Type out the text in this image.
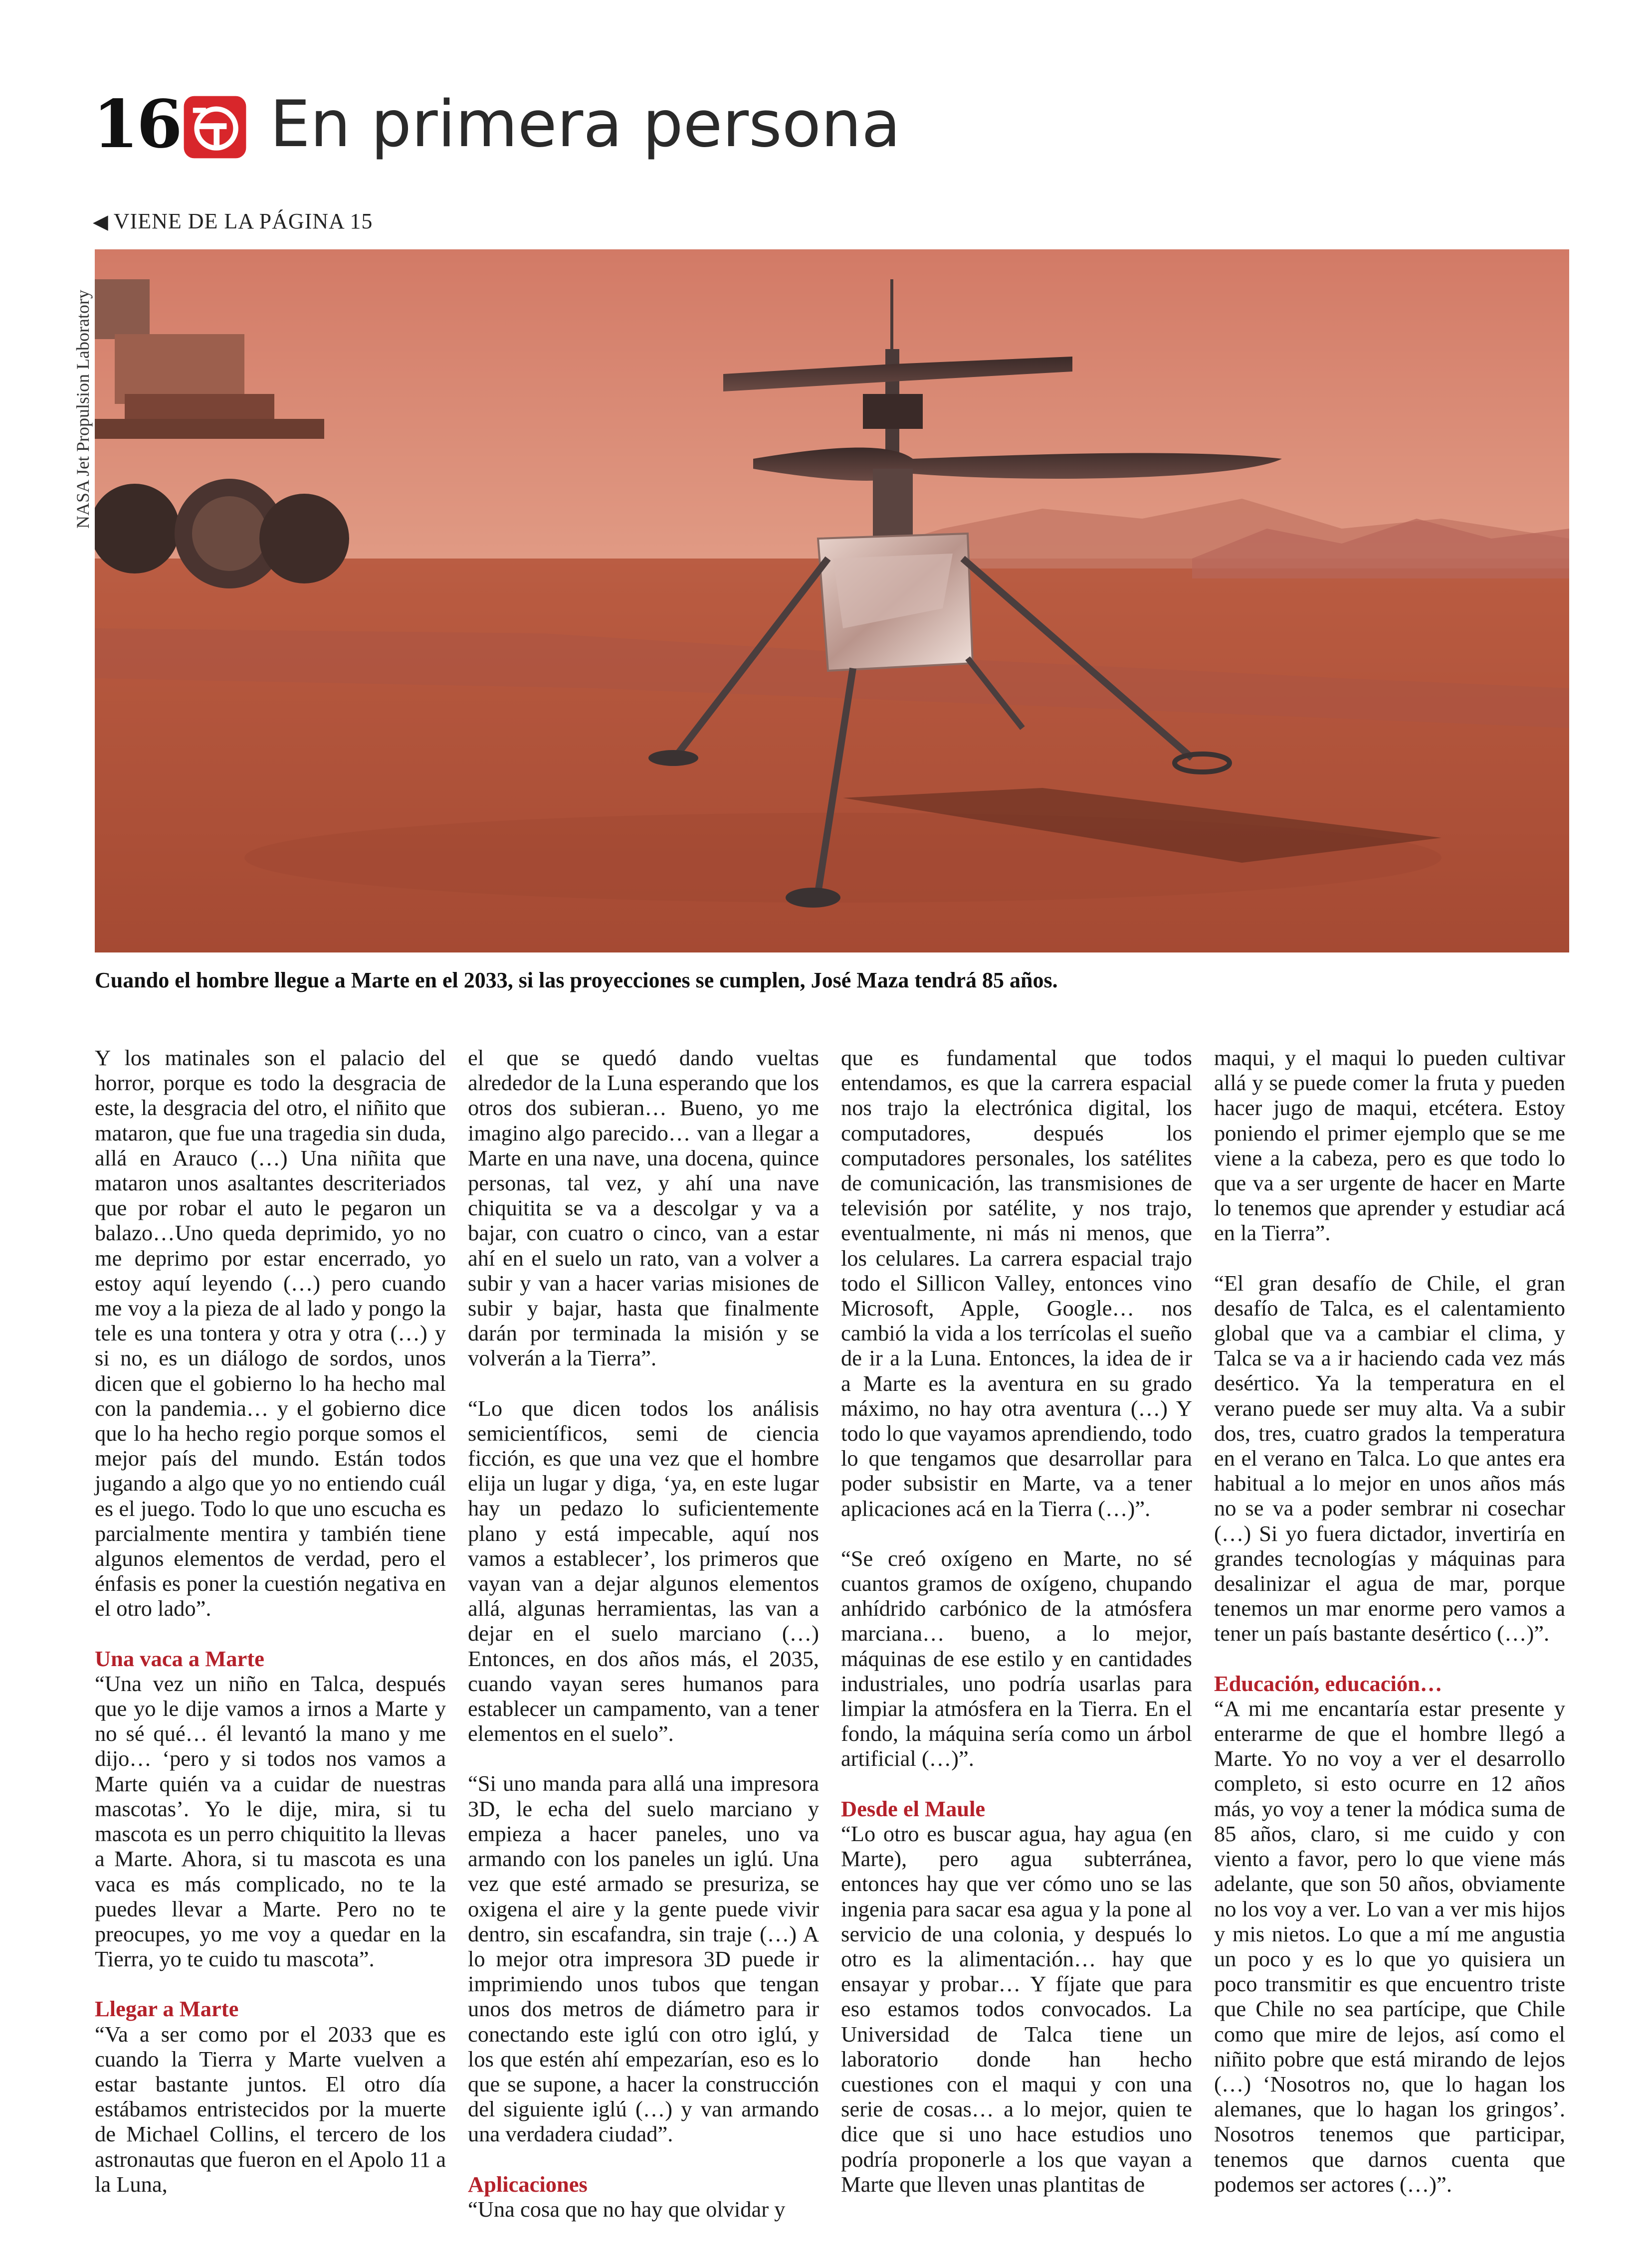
16 En primera persona
◀ VIENE DE LA PÁGINA 15
NASA Jet Propulsion Laboratory
Cuando el hombre llegue a Marte en el 2033, si las proyecciones se cumplen, José Maza tendrá 85 años.

Y los matinales son el palacio del horror, porque es todo la desgracia de este, la desgracia del otro, el niñito que mataron, que fue una tragedia sin duda, allá en Arauco (…) Una niñita que mataron unos asaltantes descriteriados que por robar el auto le pegaron un balazo…Uno queda deprimido, yo no me deprimo por estar encerrado, yo estoy aquí leyendo (…) pero cuando me voy a la pieza de al lado y pongo la tele es una tontera y otra y otra (…) y si no, es un diálogo de sordos, unos dicen que el gobierno lo ha hecho mal con la pandemia… y el gobierno dice que lo ha hecho regio porque somos el mejor país del mundo. Están todos jugando a algo que yo no entiendo cuál es el juego. Todo lo que uno escucha es parcialmente mentira y también tiene algunos elementos de verdad, pero el énfasis es poner la cuestión negativa en el otro lado”.

Una vaca a Marte

“Una vez un niño en Talca, después que yo le dije vamos a irnos a Marte y no sé qué… él levantó la mano y me dijo… ‘pero y si todos nos vamos a Marte quién va a cuidar de nuestras mascotas’. Yo le dije, mira, si tu mascota es un perro chiquitito la llevas a Marte. Ahora, si tu mascota es una vaca es más complicado, no te la puedes llevar a Marte. Pero no te preocupes, yo me voy a quedar en la Tierra, yo te cuido tu mascota”.

Llegar a Marte

“Va a ser como por el 2033 que es cuando la Tierra y Marte vuelven a estar bastante juntos. El otro día estábamos entristecidos por la muerte de Michael Collins, el tercero de los astronautas que fueron en el Apolo 11 a la Luna,

el que se quedó dando vueltas alrededor de la Luna esperando que los otros dos subieran… Bueno, yo me imagino algo parecido… van a llegar a Marte en una nave, una docena, quince personas, tal vez, y ahí una nave chiquitita se va a descolgar y va a bajar, con cuatro o cinco, van a estar ahí en el suelo un rato, van a volver a subir y van a hacer varias misiones de subir y bajar, hasta que finalmente darán por terminada la misión y se volverán a la Tierra”.

“Lo que dicen todos los análisis semicientíficos, semi de ciencia ficción, es que una vez que el hombre elija un lugar y diga, ‘ya, en este lugar hay un pedazo lo suficientemente plano y está impecable, aquí nos vamos a establecer’, los primeros que vayan van a dejar algunos elementos allá, algunas herramientas, las van a dejar en el suelo marciano (…) Entonces, en dos años más, el 2035, cuando vayan seres humanos para establecer un campamento, van a tener elementos en el suelo”.

“Si uno manda para allá una impresora 3D, le echa del suelo marciano y empieza a hacer paneles, uno va armando con los paneles un iglú. Una vez que esté armado se presuriza, se oxigena el aire y la gente puede vivir dentro, sin escafandra, sin traje (…) A lo mejor otra impresora 3D puede ir imprimiendo unos tubos que tengan unos dos metros de diámetro para ir conectando este iglú con otro iglú, y los que estén ahí empezarían, eso es lo que se supone, a hacer la construcción del siguiente iglú (…) y van armando una verdadera ciudad”.

Aplicaciones

“Una cosa que no hay que olvidar y

que es fundamental que todos entendamos, es que la carrera espacial nos trajo la electrónica digital, los computadores, después los computadores personales, los satélites de comunicación, las transmisiones de televisión por satélite, y nos trajo, eventualmente, ni más ni menos, que los celulares. La carrera espacial trajo todo el Sillicon Valley, entonces vino Microsoft, Apple, Google… nos cambió la vida a los terrícolas el sueño de ir a la Luna. Entonces, la idea de ir a Marte es la aventura en su grado máximo, no hay otra aventura (…) Y todo lo que vayamos aprendiendo, todo lo que tengamos que desarrollar para poder subsistir en Marte, va a tener aplicaciones acá en la Tierra (…)”.

“Se creó oxígeno en Marte, no sé cuantos gramos de oxígeno, chupando anhídrido carbónico de la atmósfera marciana… bueno, a lo mejor, máquinas de ese estilo y en cantidades industriales, uno podría usarlas para limpiar la atmósfera en la Tierra. En el fondo, la máquina sería como un árbol artificial (…)”.

Desde el Maule

“Lo otro es buscar agua, hay agua (en Marte), pero agua subterránea, entonces hay que ver cómo uno se las ingenia para sacar esa agua y la pone al servicio de una colonia, y después lo otro es la alimentación… hay que ensayar y probar… Y fíjate que para eso estamos todos convocados. La Universidad de Talca tiene un laboratorio donde han hecho cuestiones con el maqui y con una serie de cosas… a lo mejor, quien te dice que si uno hace estudios uno podría proponerle a los que vayan a Marte que lleven unas plantitas de

maqui, y el maqui lo pueden cultivar allá y se puede comer la fruta y pueden hacer jugo de maqui, etcétera. Estoy poniendo el primer ejemplo que se me viene a la cabeza, pero es que todo lo que va a ser urgente de hacer en Marte lo tenemos que aprender y estudiar acá en la Tierra”.

“El gran desafío de Chile, el gran desafío de Talca, es el calentamiento global que va a cambiar el clima, y Talca se va a ir haciendo cada vez más desértico. Ya la temperatura en el verano puede ser muy alta. Va a subir dos, tres, cuatro grados la temperatura en el verano en Talca. Lo que antes era habitual a lo mejor en unos años más no se va a poder sembrar ni cosechar (…) Si yo fuera dictador, invertiría en grandes tecnologías y máquinas para desalinizar el agua de mar, porque tenemos un mar enorme pero vamos a tener un país bastante desértico (…)”.

Educación, educación…

“A mi me encantaría estar presente y enterarme de que el hombre llegó a Marte. Yo no voy a ver el desarrollo completo, si esto ocurre en 12 años más, yo voy a tener la módica suma de 85 años, claro, si me cuido y con viento a favor, pero lo que viene más adelante, que son 50 años, obviamente no los voy a ver. Lo van a ver mis hijos y mis nietos. Lo que a mí me angustia un poco y es lo que yo quisiera un poco transmitir es que encuentro triste que Chile no sea partícipe, que Chile como que mire de lejos, así como el niñito pobre que está mirando de lejos (…) ‘Nosotros no, que lo hagan los alemanes, que lo hagan los gringos’. Nosotros tenemos que participar, tenemos que darnos cuenta que podemos ser actores (…)”.
